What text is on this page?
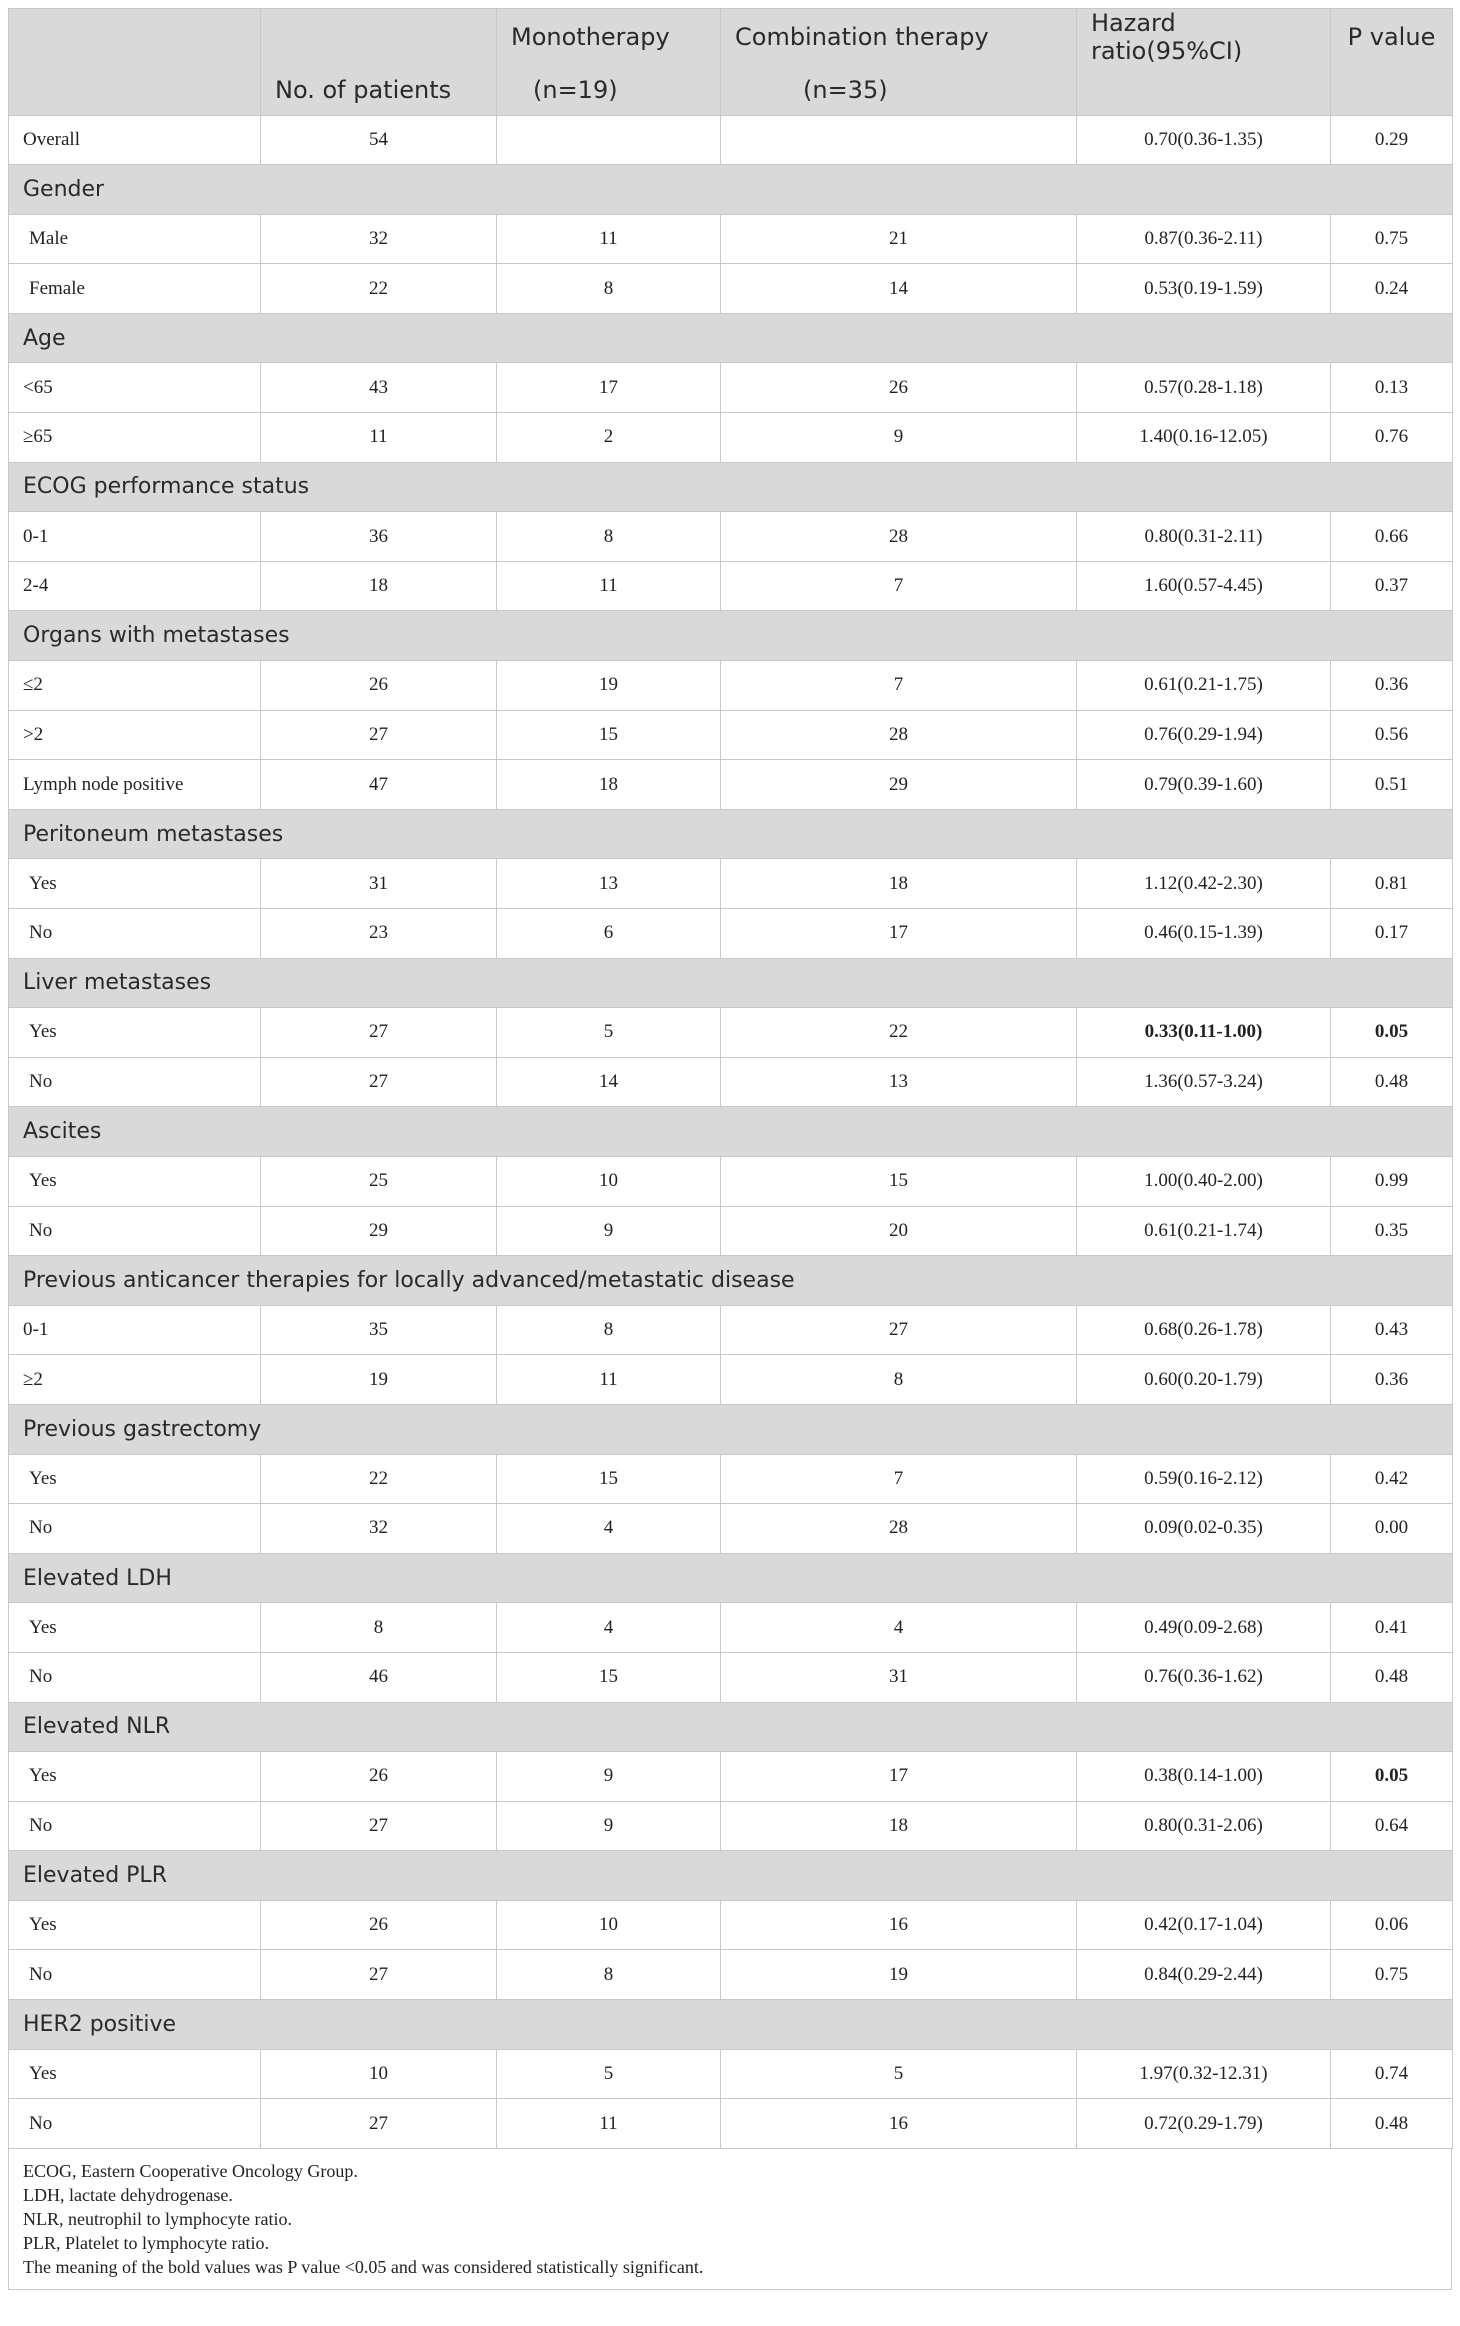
		Monotherapy	Combination therapy	Hazard ratio(95%CI)	P value
	No. of patients	(n=19)	(n=35)		
Overall	54			0.70(0.36-1.35)	0.29
Gender					
Male	32	11	21	0.87(0.36-2.11)	0.75
Female	22	8	14	0.53(0.19-1.59)	0.24
Age					
<65	43	17	26	0.57(0.28-1.18)	0.13
≥65	11	2	9	1.40(0.16-12.05)	0.76
ECOG performance status					
0-1	36	8	28	0.80(0.31-2.11)	0.66
2-4	18	11	7	1.60(0.57-4.45)	0.37
Organs with metastases					
≤2	26	19	7	0.61(0.21-1.75)	0.36
>2	27	15	28	0.76(0.29-1.94)	0.56
Lymph node positive	47	18	29	0.79(0.39-1.60)	0.51
Peritoneum metastases					
Yes	31	13	18	1.12(0.42-2.30)	0.81
No	23	6	17	0.46(0.15-1.39)	0.17
Liver metastases					
Yes	27	5	22	0.33(0.11-1.00)	0.05
No	27	14	13	1.36(0.57-3.24)	0.48
Ascites					
Yes	25	10	15	1.00(0.40-2.00)	0.99
No	29	9	20	0.61(0.21-1.74)	0.35
Previous anticancer therapies for locally advanced/metastatic disease					
0-1	35	8	27	0.68(0.26-1.78)	0.43
≥2	19	11	8	0.60(0.20-1.79)	0.36
Previous gastrectomy					
Yes	22	15	7	0.59(0.16-2.12)	0.42
No	32	4	28	0.09(0.02-0.35)	0.00
Elevated LDH					
Yes	8	4	4	0.49(0.09-2.68)	0.41
No	46	15	31	0.76(0.36-1.62)	0.48
Elevated NLR					
Yes	26	9	17	0.38(0.14-1.00)	0.05
No	27	9	18	0.80(0.31-2.06)	0.64
Elevated PLR					
Yes	26	10	16	0.42(0.17-1.04)	0.06
No	27	8	19	0.84(0.29-2.44)	0.75
HER2 positive					
Yes	10	5	5	1.97(0.32-12.31)	0.74
No	27	11	16	0.72(0.29-1.79)	0.48
ECOG, Eastern Cooperative Oncology Group.
LDH, lactate dehydrogenase.
NLR, neutrophil to lymphocyte ratio.
PLR, Platelet to lymphocyte ratio.
The meaning of the bold values was P value <0.05 and was considered statistically significant.
